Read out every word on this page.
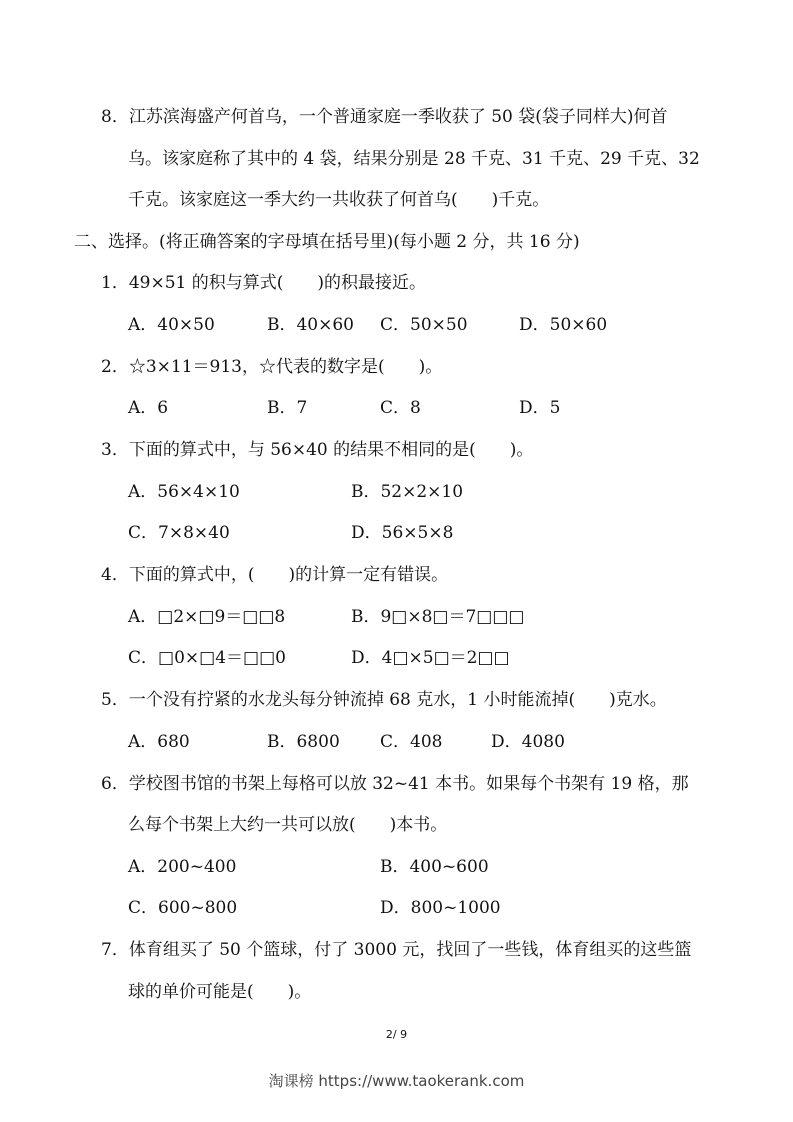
8．江苏滨海盛产何首乌，一个普通家庭一季收获了 50 袋(袋子同样大)何首
乌。该家庭称了其中的 4 袋，结果分别是 28 千克、31 千克、29 千克、32
千克。该家庭这一季大约一共收获了何首乌(　　)千克。
二、选择。(将正确答案的字母填在括号里)(每小题 2 分，共 16 分)
1．49×51 的积与算式(　　)的积最接近。
A．40×50	B．40×60 C．50×50	D．50×60
2．☆3×11＝913，☆代表的数字是(　　)。
A．6	B．7	C．8	D．5
3．下面的算式中，与 56×40 的结果不相同的是(　　)。
A．56×4×10	B．52×2×10
C．7×8×40	D．56×5×8
4．下面的算式中，(　　)的计算一定有错误。
A．□2×□9＝□□8	B．9□×8□＝7□□□
C．□0×□4＝□□0	D．4□×5□＝2□□
5．一个没有拧紧的水龙头每分钟流掉 68 克水，1 小时能流掉(　　)克水。
A．680	B．6800 C．408	D．4080
6．学校图书馆的书架上每格可以放 32~41 本书。如果每个书架有 19 格，那
么每个书架上大约一共可以放(　　)本书。
A．200~400	B．400~600
C．600~800	D．800~1000
7．体育组买了 50 个篮球，付了 3000 元，找回了一些钱，体育组买的这些篮
球的单价可能是(　　)。
2/ 9
淘课榜 https://www.taokerank.com
